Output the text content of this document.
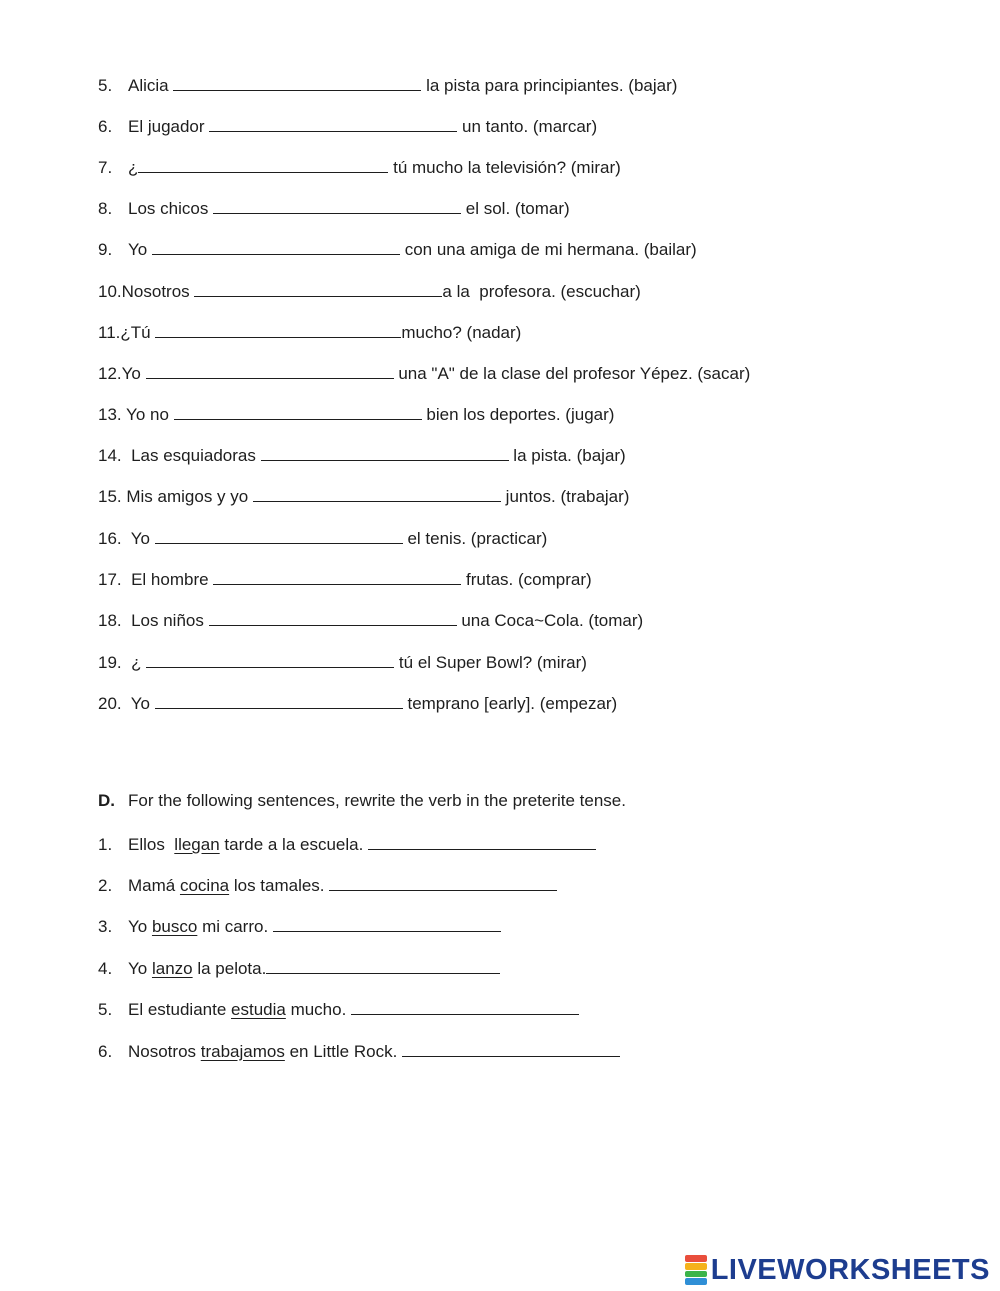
5. Alicia	la pista para principiantes. (bajar)
6. El jugador	un tanto. (marcar)
7. ¿	tú mucho la televisión? (mirar)
8. Los chicos	el sol. (tomar)
9. Yo	con una amiga de mi hermana. (bailar)
10. Nosotros	a la  profesora. (escuchar)
11. ¿Tú	mucho? (nadar)
12. Yo	una "A" de la clase del profesor Yépez. (sacar)
13. Yo no	bien los deportes. (jugar)
14. Las esquiadoras	la pista. (bajar)
15. Mis amigos y yo	juntos. (trabajar)
16. Yo	el tenis. (practicar)
17. El hombre	frutas. (comprar)
18. Los niños	una Coca~Cola. (tomar)
19. ¿	tú el Super Bowl? (mirar)
20. Yo	temprano [early]. (empezar)
D. For the following sentences, rewrite the verb in the preterite tense.
1. Ellos llegan tarde a la escuela.
2. Mamá cocina los tamales.
3. Yo busco mi carro.
4. Yo lanzo la pelota.
5. El estudiante estudia mucho.
6. Nosotros trabajamos en Little Rock.
LIVEWORKSHEETS
